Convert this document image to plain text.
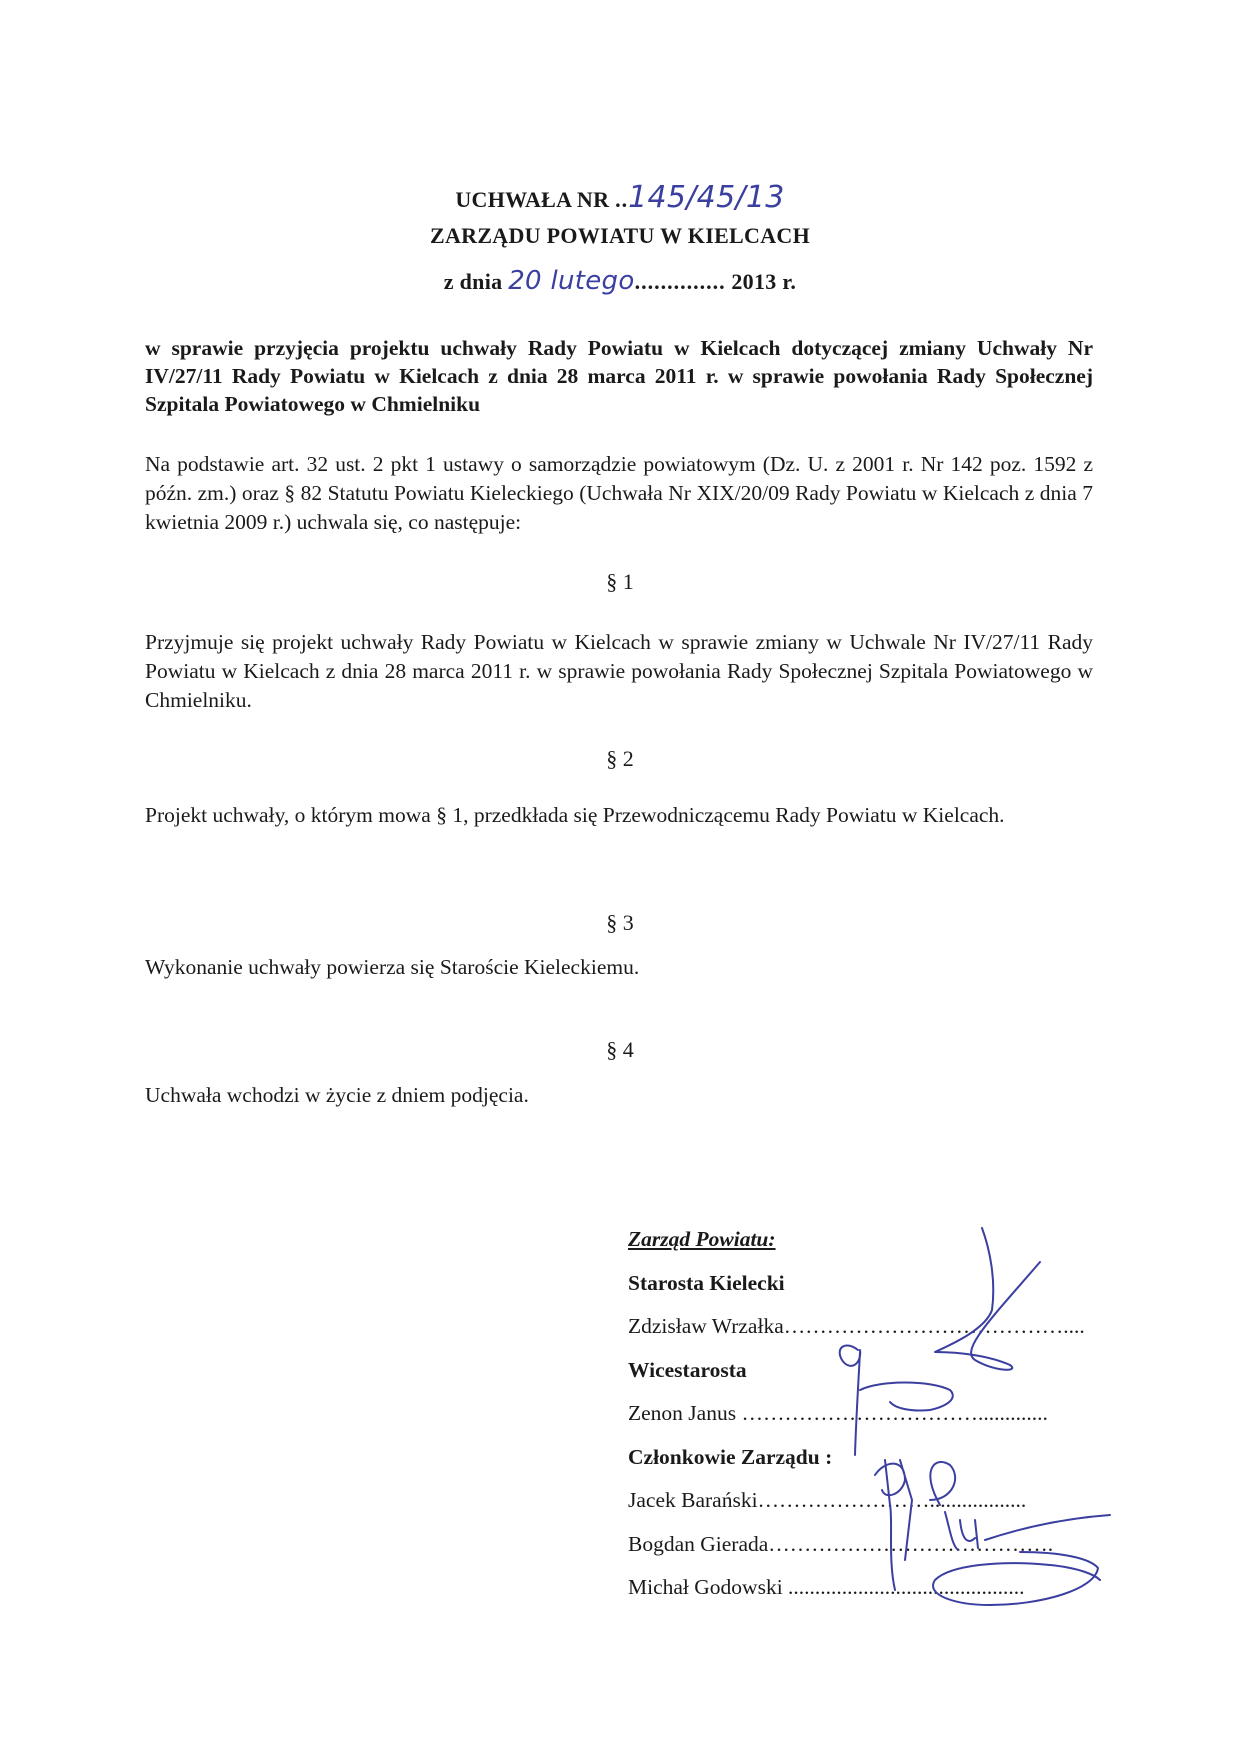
UCHWAŁA NR ..145/45/13
ZARZĄDU POWIATU W KIELCACH
z dnia 20 lutego.............. 2013 r.
w sprawie przyjęcia projektu uchwały Rady Powiatu w Kielcach dotyczącej zmiany Uchwały Nr IV/27/11 Rady Powiatu w Kielcach z dnia 28 marca 2011 r. w sprawie powołania Rady Społecznej Szpitala Powiatowego w Chmielniku
Na podstawie art. 32 ust. 2 pkt 1 ustawy o samorządzie powiatowym (Dz. U. z 2001 r. Nr 142 poz. 1592 z późn. zm.) oraz § 82 Statutu Powiatu Kieleckiego (Uchwała Nr XIX/20/09 Rady Powiatu w Kielcach z dnia 7 kwietnia 2009 r.) uchwala się, co następuje:
§ 1
Przyjmuje się projekt uchwały Rady Powiatu w Kielcach w sprawie zmiany w Uchwale Nr IV/27/11 Rady Powiatu w Kielcach z dnia 28 marca 2011 r. w sprawie powołania Rady Społecznej Szpitala Powiatowego w Chmielniku.
§ 2
Projekt uchwały, o którym mowa § 1, przedkłada się Przewodniczącemu Rady Powiatu w Kielcach.
§ 3
Wykonanie uchwały powierza się Staroście Kieleckiemu.
§ 4
Uchwała wchodzi w życie z dniem podjęcia.
Zarząd Powiatu:
Starosta Kielecki
Zdzisław Wrzałka…………………………………....
Wicestarosta
Zenon Janus …………………………….............
Członkowie Zarządu :
Jacek Barański……………………..................
Bogdan Gierada………………………………….
Michał Godowski ............................................
